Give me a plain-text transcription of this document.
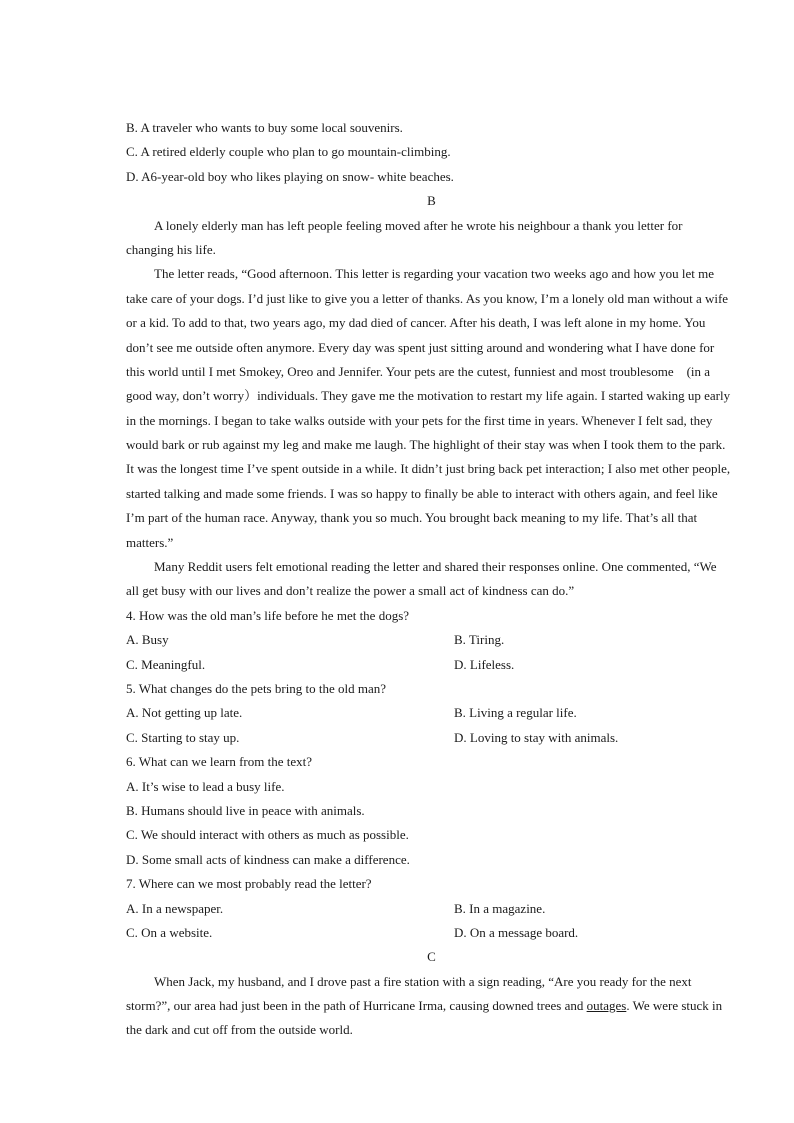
B. A traveler who wants to buy some local souvenirs.
C. A retired elderly couple who plan to go mountain-climbing.
D. A6-year-old boy who likes playing on snow- white beaches.
B
A lonely elderly man has left people feeling moved after he wrote his neighbour a thank you letter for
changing his life.
The letter reads, “Good afternoon. This letter is regarding your vacation two weeks ago and how you let me
take care of your dogs. I’d just like to give you a letter of thanks. As you know, I’m a lonely old man without a wife
or a kid. To add to that, two years ago, my dad died of cancer. After his death, I was left alone in my home. You
don’t see me outside often anymore. Every day was spent just sitting around and wondering what I have done for
this world until I met Smokey, Oreo and Jennifer. Your pets are the cutest, funniest and most troublesome　(in a
good way, don’t worry）individuals. They gave me the motivation to restart my life again. I started waking up early
in the mornings. I began to take walks outside with your pets for the first time in years. Whenever I felt sad, they
would bark or rub against my leg and make me laugh. The highlight of their stay was when I took them to the park.
It was the longest time I’ve spent outside in a while. It didn’t just bring back pet interaction; I also met other people,
started talking and made some friends. I was so happy to finally be able to interact with others again, and feel like
I’m part of the human race. Anyway, thank you so much. You brought back meaning to my life. That’s all that
matters.”
Many Reddit users felt emotional reading the letter and shared their responses online. One commented, “We
all get busy with our lives and don’t realize the power a small act of kindness can do.”
4. How was the old man’s life before he met the dogs?
A. Busy	B. Tiring.
C. Meaningful.	D. Lifeless.
5. What changes do the pets bring to the old man?
A. Not getting up late.	B. Living a regular life.
C. Starting to stay up.	D. Loving to stay with animals.
6. What can we learn from the text?
A. It’s wise to lead a busy life.
B. Humans should live in peace with animals.
C. We should interact with others as much as possible.
D. Some small acts of kindness can make a difference.
7. Where can we most probably read the letter?
A. In a newspaper.	B. In a magazine.
C. On a website.	D. On a message board.
C
When Jack, my husband, and I drove past a fire station with a sign reading, “Are you ready for the next
storm?”, our area had just been in the path of Hurricane Irma, causing downed trees and outages. We were stuck in
the dark and cut off from the outside world.
